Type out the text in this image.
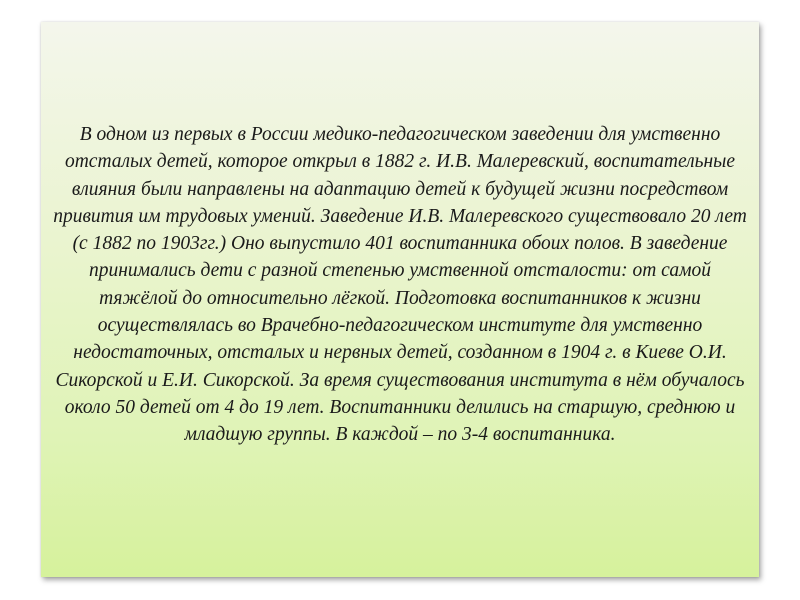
В одном из первых в России медико-педагогическом заведении для умственно отсталых детей, которое открыл в 1882 г. И.В. Малеревский, воспитательные влияния были направлены на адаптацию детей к будущей жизни посредством привития им трудовых умений. Заведение И.В. Малеревского существовало 20 лет (с 1882 по 1903гг.) Оно выпустило 401 воспитанника обоих полов. В заведение принимались дети с разной степенью умственной отсталости: от самой тяжёлой до относительно лёгкой. Подготовка воспитанников к жизни осуществлялась во Врачебно-педагогическом институте для умственно недостаточных, отсталых и нервных детей, созданном в 1904 г. в Киеве О.И. Сикорской и Е.И. Сикорской. За время существования института в нём обучалось около 50 детей от 4 до 19 лет. Воспитанники делились на старшую, среднюю и младшую группы. В каждой – по 3-4 воспитанника.
